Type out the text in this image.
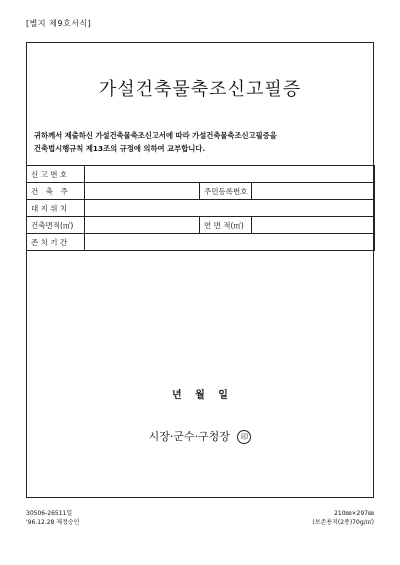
[별지 제9호서식]
가설건축물축조신고필증
귀하께서 제출하신 가설건축물축조신고서에 따라 가설건축물축조신고필증을
건축법시행규칙 제13조의 규정에 의하여 교부합니다.
신 고 번 호			
건　축　주		주민등록번호	
대 지 위 치			
건축면적(㎡)		연 면 적(㎡)	
존 치 기 간			
년 월 일
시장·군수·구청장 印
30506-26511일
'96.12.28 제정승인
210㎜×297㎜
(보존용지(2종)70g/㎡)
